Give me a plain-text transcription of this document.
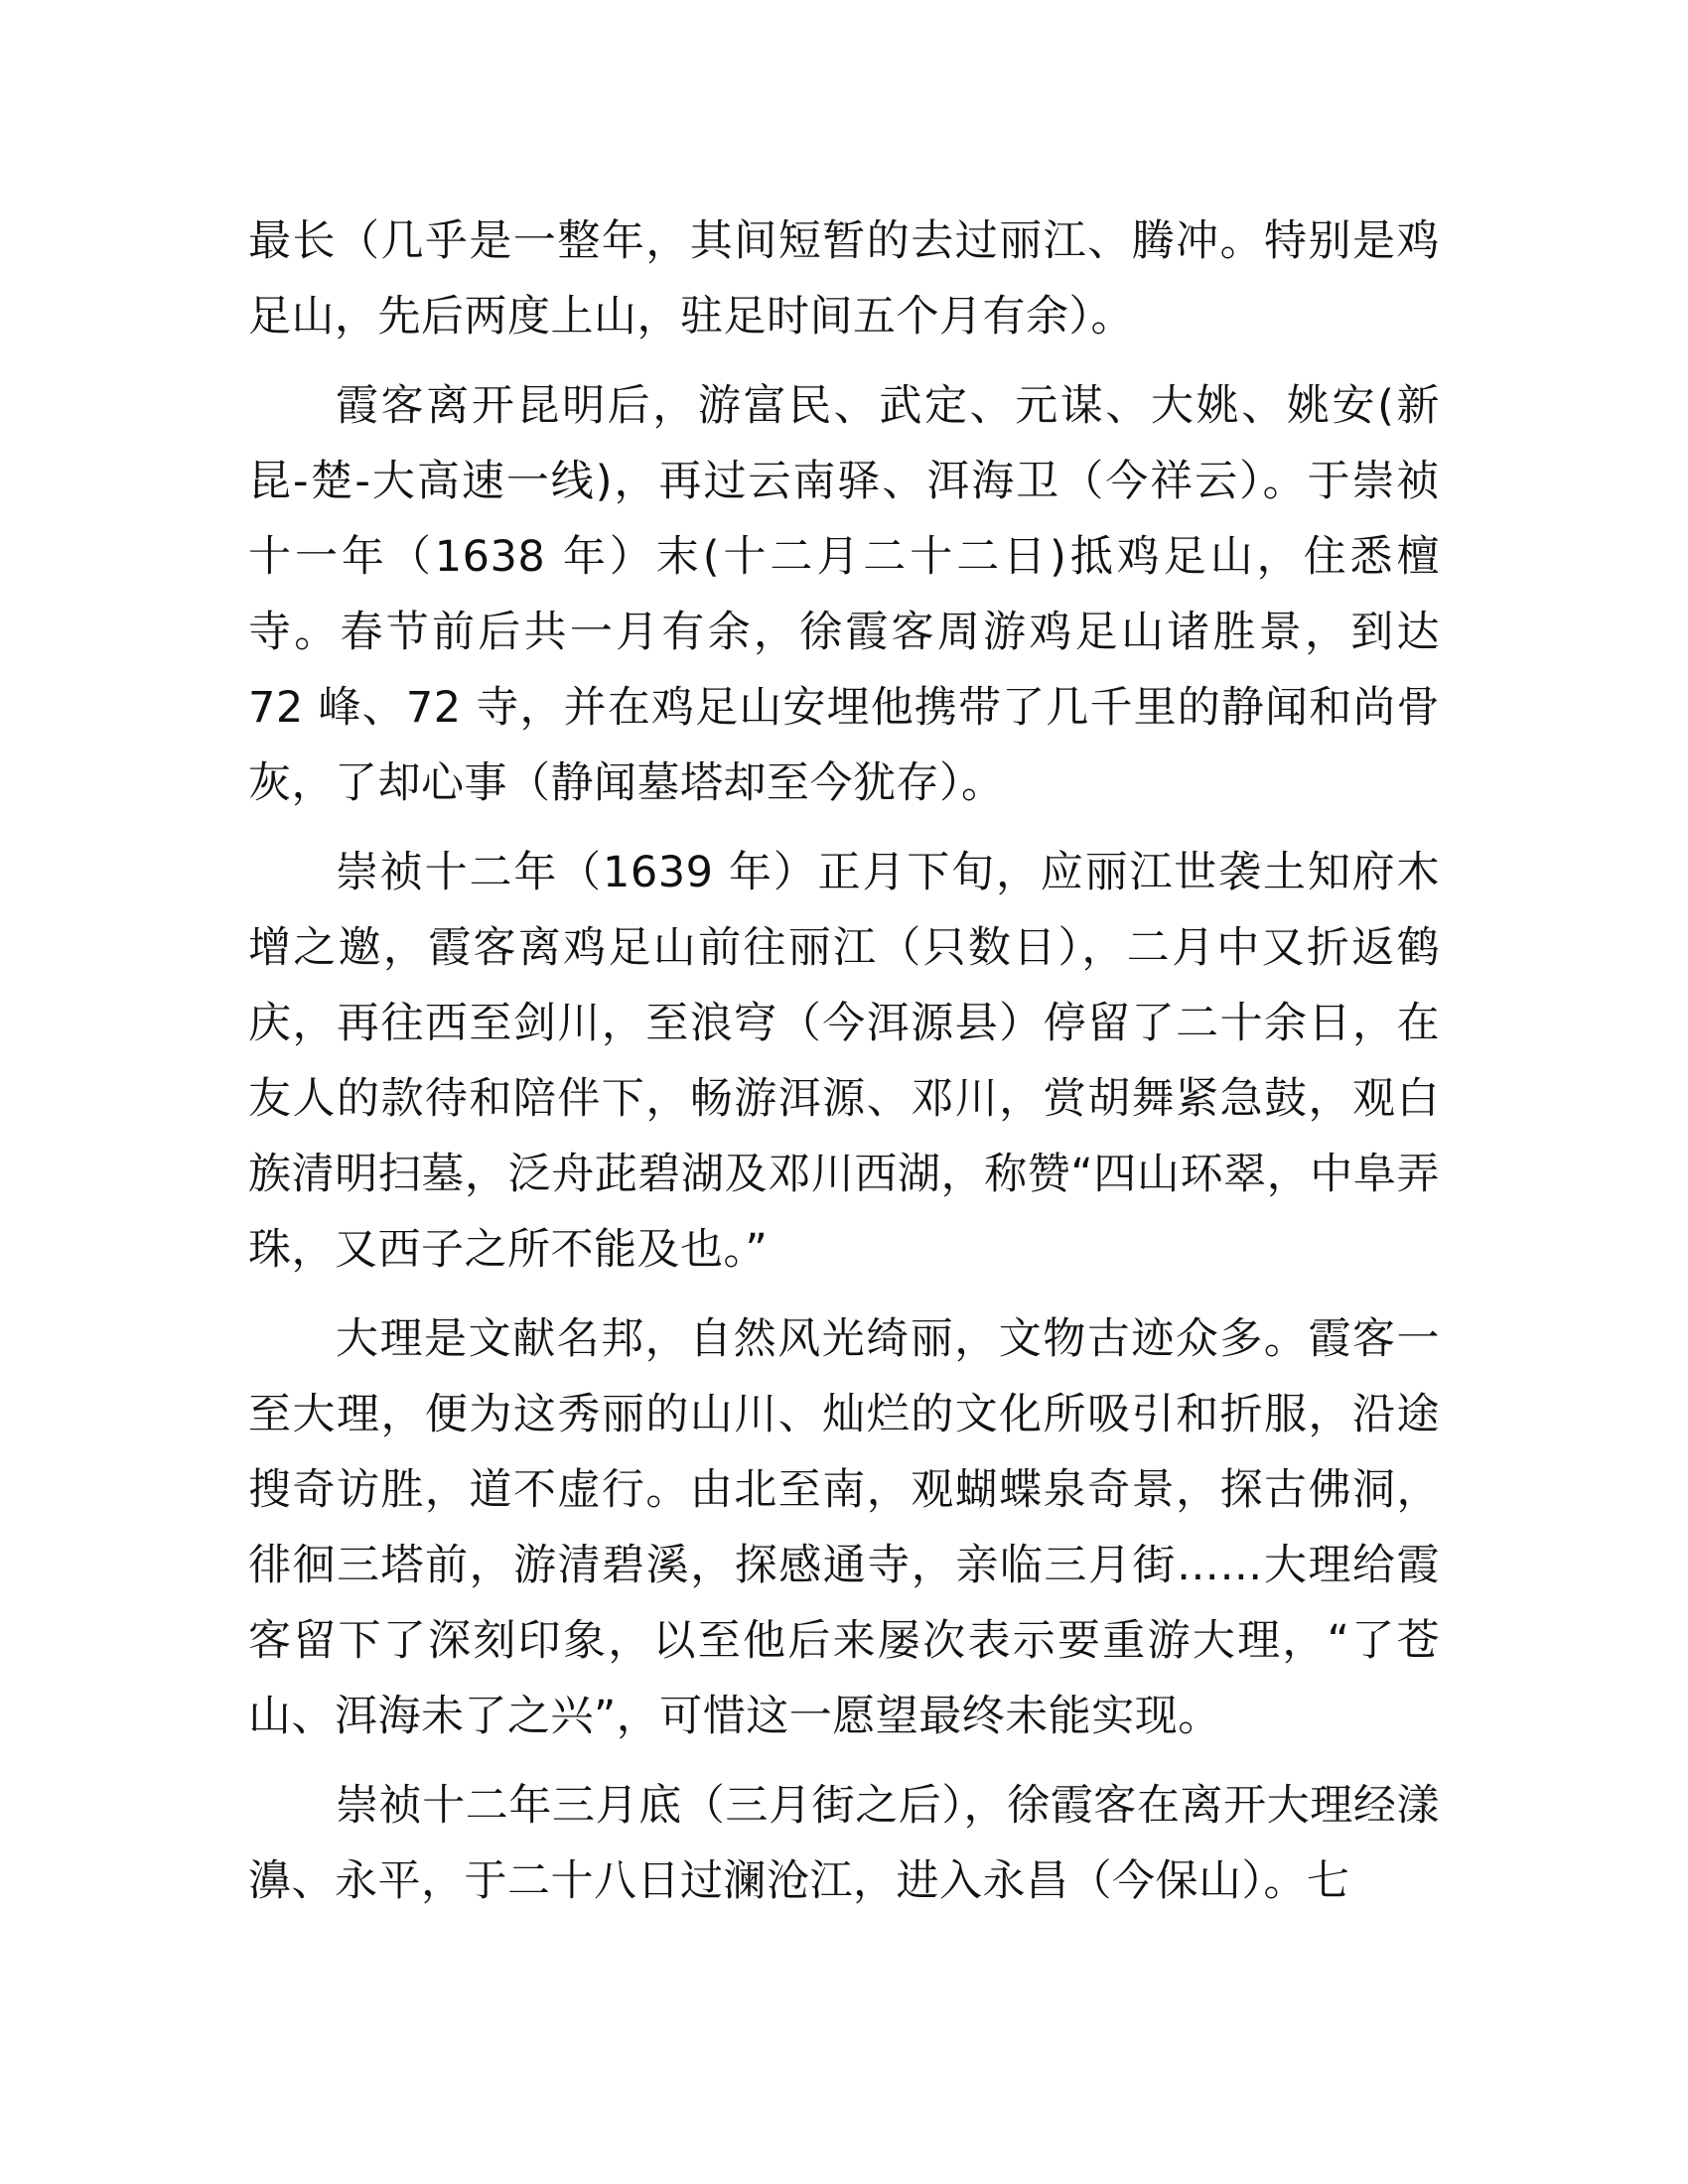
最长（几乎是一整年，其间短暂的去过丽江、腾冲。特别是鸡足山，先后两度上山，驻足时间五个月有余）。

霞客离开昆明后，游富民、武定、元谋、大姚、姚安(新昆-楚-大高速一线)，再过云南驿、洱海卫（今祥云）。于崇祯十一年（1638 年）末(十二月二十二日)抵鸡足山，住悉檀寺。春节前后共一月有余，徐霞客周游鸡足山诸胜景，到达 72 峰、72 寺，并在鸡足山安埋他携带了几千里的静闻和尚骨灰，了却心事（静闻墓塔却至今犹存）。

崇祯十二年（1639 年）正月下旬，应丽江世袭土知府木增之邀，霞客离鸡足山前往丽江（只数日），二月中又折返鹤庆，再往西至剑川，至浪穹（今洱源县）停留了二十余日，在友人的款待和陪伴下，畅游洱源、邓川，赏胡舞紧急鼓，观白族清明扫墓，泛舟茈碧湖及邓川西湖，称赞“四山环翠，中阜弄珠，又西子之所不能及也。”

大理是文献名邦，自然风光绮丽，文物古迹众多。霞客一至大理，便为这秀丽的山川、灿烂的文化所吸引和折服，沿途搜奇访胜，道不虚行。由北至南，观蝴蝶泉奇景，探古佛洞，徘徊三塔前，游清碧溪，探感通寺，亲临三月街……大理给霞客留下了深刻印象，以至他后来屡次表示要重游大理，“了苍山、洱海未了之兴”，可惜这一愿望最终未能实现。

崇祯十二年三月底（三月街之后），徐霞客在离开大理经漾濞、永平，于二十八日过澜沧江，进入永昌（今保山）。七
